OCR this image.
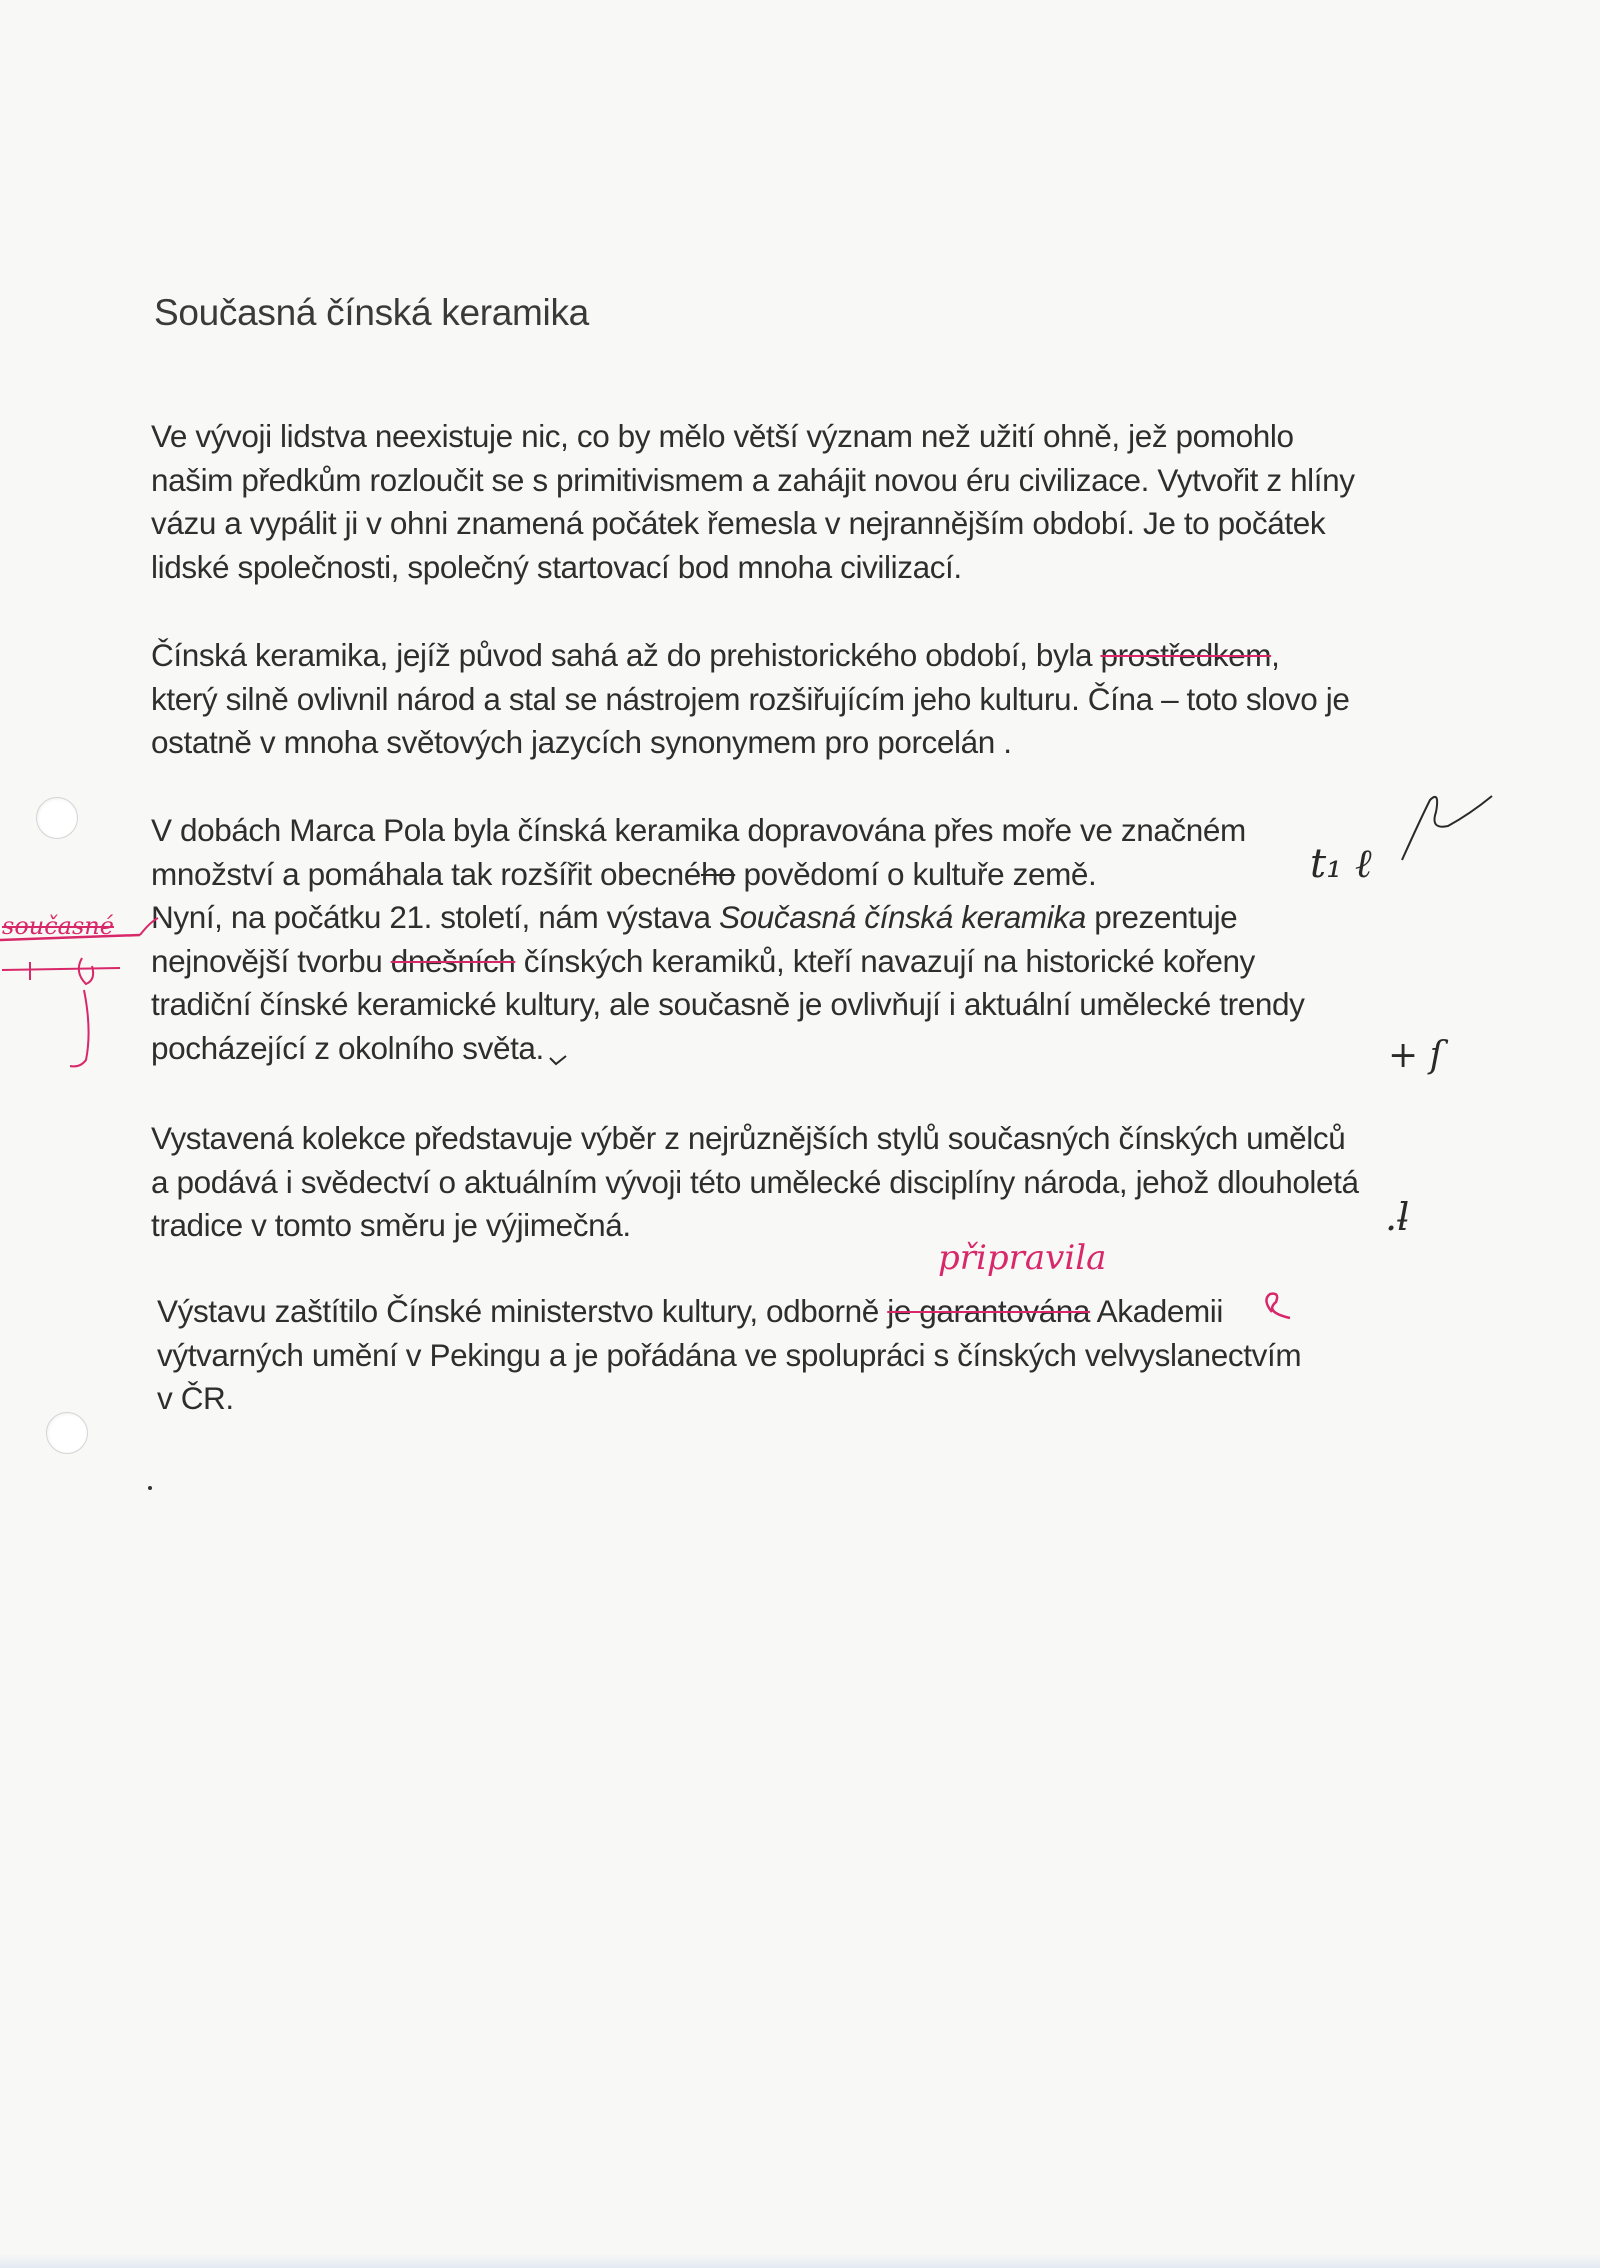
Současná čínská keramika
Ve vývoji lidstva neexistuje nic, co by mělo větší význam než užití ohně, jež pomohlo
našim předkům rozloučit se s primitivismem a zahájit novou éru civilizace. Vytvořit z hlíny
vázu a vypálit ji v ohni znamená počátek řemesla v nejrannějším období. Je to počátek
lidské společnosti, společný startovací bod mnoha civilizací.
Čínská keramika, jejíž původ sahá až do prehistorického období, byla prostředkem,
který silně ovlivnil národ a stal se nástrojem rozšiřujícím jeho kulturu. Čína – toto slovo je
ostatně v mnoha světových jazycích synonymem pro porcelán .
V dobách Marca Pola byla čínská keramika dopravována přes moře ve značném
množství a pomáhala tak rozšířit obecného povědomí o kultuře země.
Nyní, na počátku 21. století, nám výstava Současná čínská keramika prezentuje
nejnovější tvorbu dnešních čínských keramiků, kteří navazují na historické kořeny
tradiční čínské keramické kultury, ale současně je ovlivňují i aktuální umělecké trendy
pocházející z okolního světa.
Vystavená kolekce představuje výběr z nejrůznějších stylů současných čínských umělců
a podává i svědectví o aktuálním vývoji této umělecké disciplíny národa, jehož dlouholetá
tradice v tomto směru je výjimečná.
Výstavu zaštítilo Čínské ministerstvo kultury, odborně je garantována Akademii
výtvarných umění v Pekingu a je pořádána ve spolupráci s čínských velvyslanectvím
v ČR.
připravila
současné
t₁ ℓ
+ ſ
.ƚ
